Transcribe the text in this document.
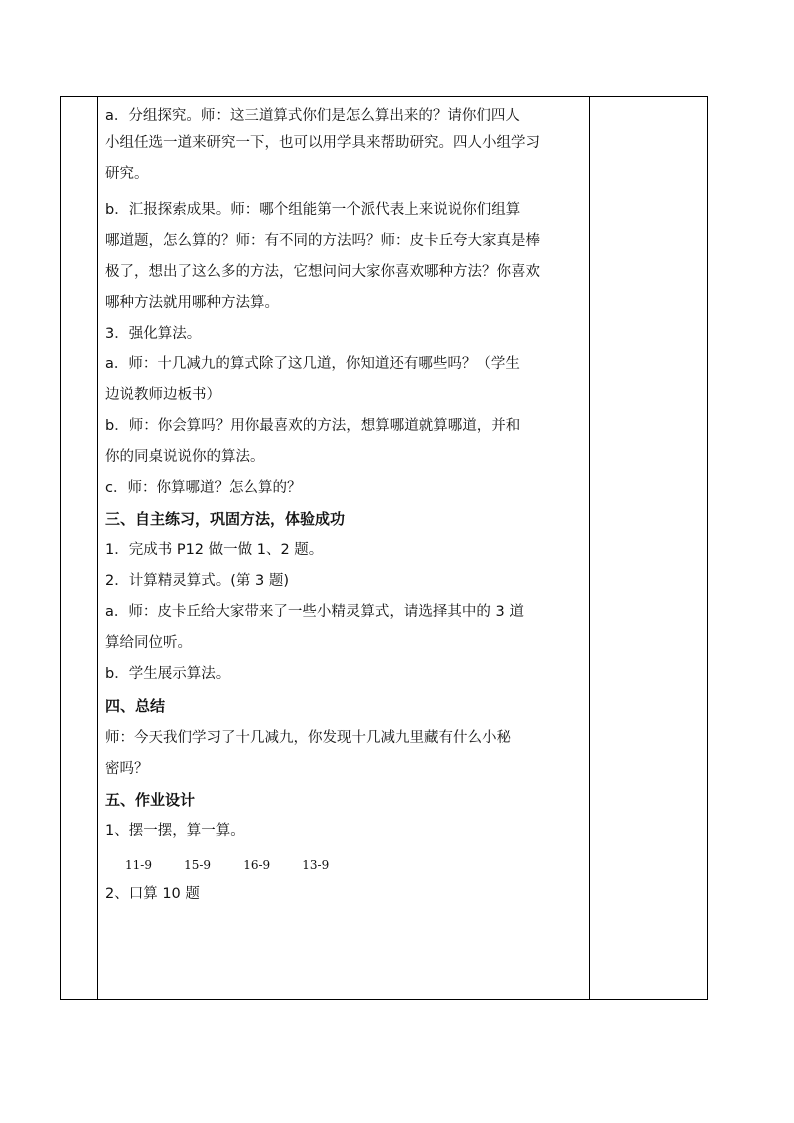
a．分组探究。师：这三道算式你们是怎么算出来的？请你们四人
小组任选一道来研究一下，也可以用学具来帮助研究。四人小组学习
研究。
b．汇报探索成果。师：哪个组能第一个派代表上来说说你们组算
哪道题，怎么算的？师：有不同的方法吗？师：皮卡丘夸大家真是棒
极了，想出了这么多的方法，它想问问大家你喜欢哪种方法？你喜欢
哪种方法就用哪种方法算。
3．强化算法。
a．师：十几减九的算式除了这几道，你知道还有哪些吗？（学生
边说教师边板书）
b．师：你会算吗？用你最喜欢的方法，想算哪道就算哪道，并和
你的同桌说说你的算法。
c．师：你算哪道？怎么算的？
三、自主练习，巩固方法，体验成功
1．完成书 P12 做一做 1、2 题。
2．计算精灵算式。(第 3 题)
a．师：皮卡丘给大家带来了一些小精灵算式，请选择其中的 3 道
算给同位听。
b．学生展示算法。
四、总结
师：今天我们学习了十几减九，你发现十几减九里藏有什么小秘
密吗？
五、作业设计
1、摆一摆，算一算。
11-9	15-9	16-9	13-9
2、口算 10 题
